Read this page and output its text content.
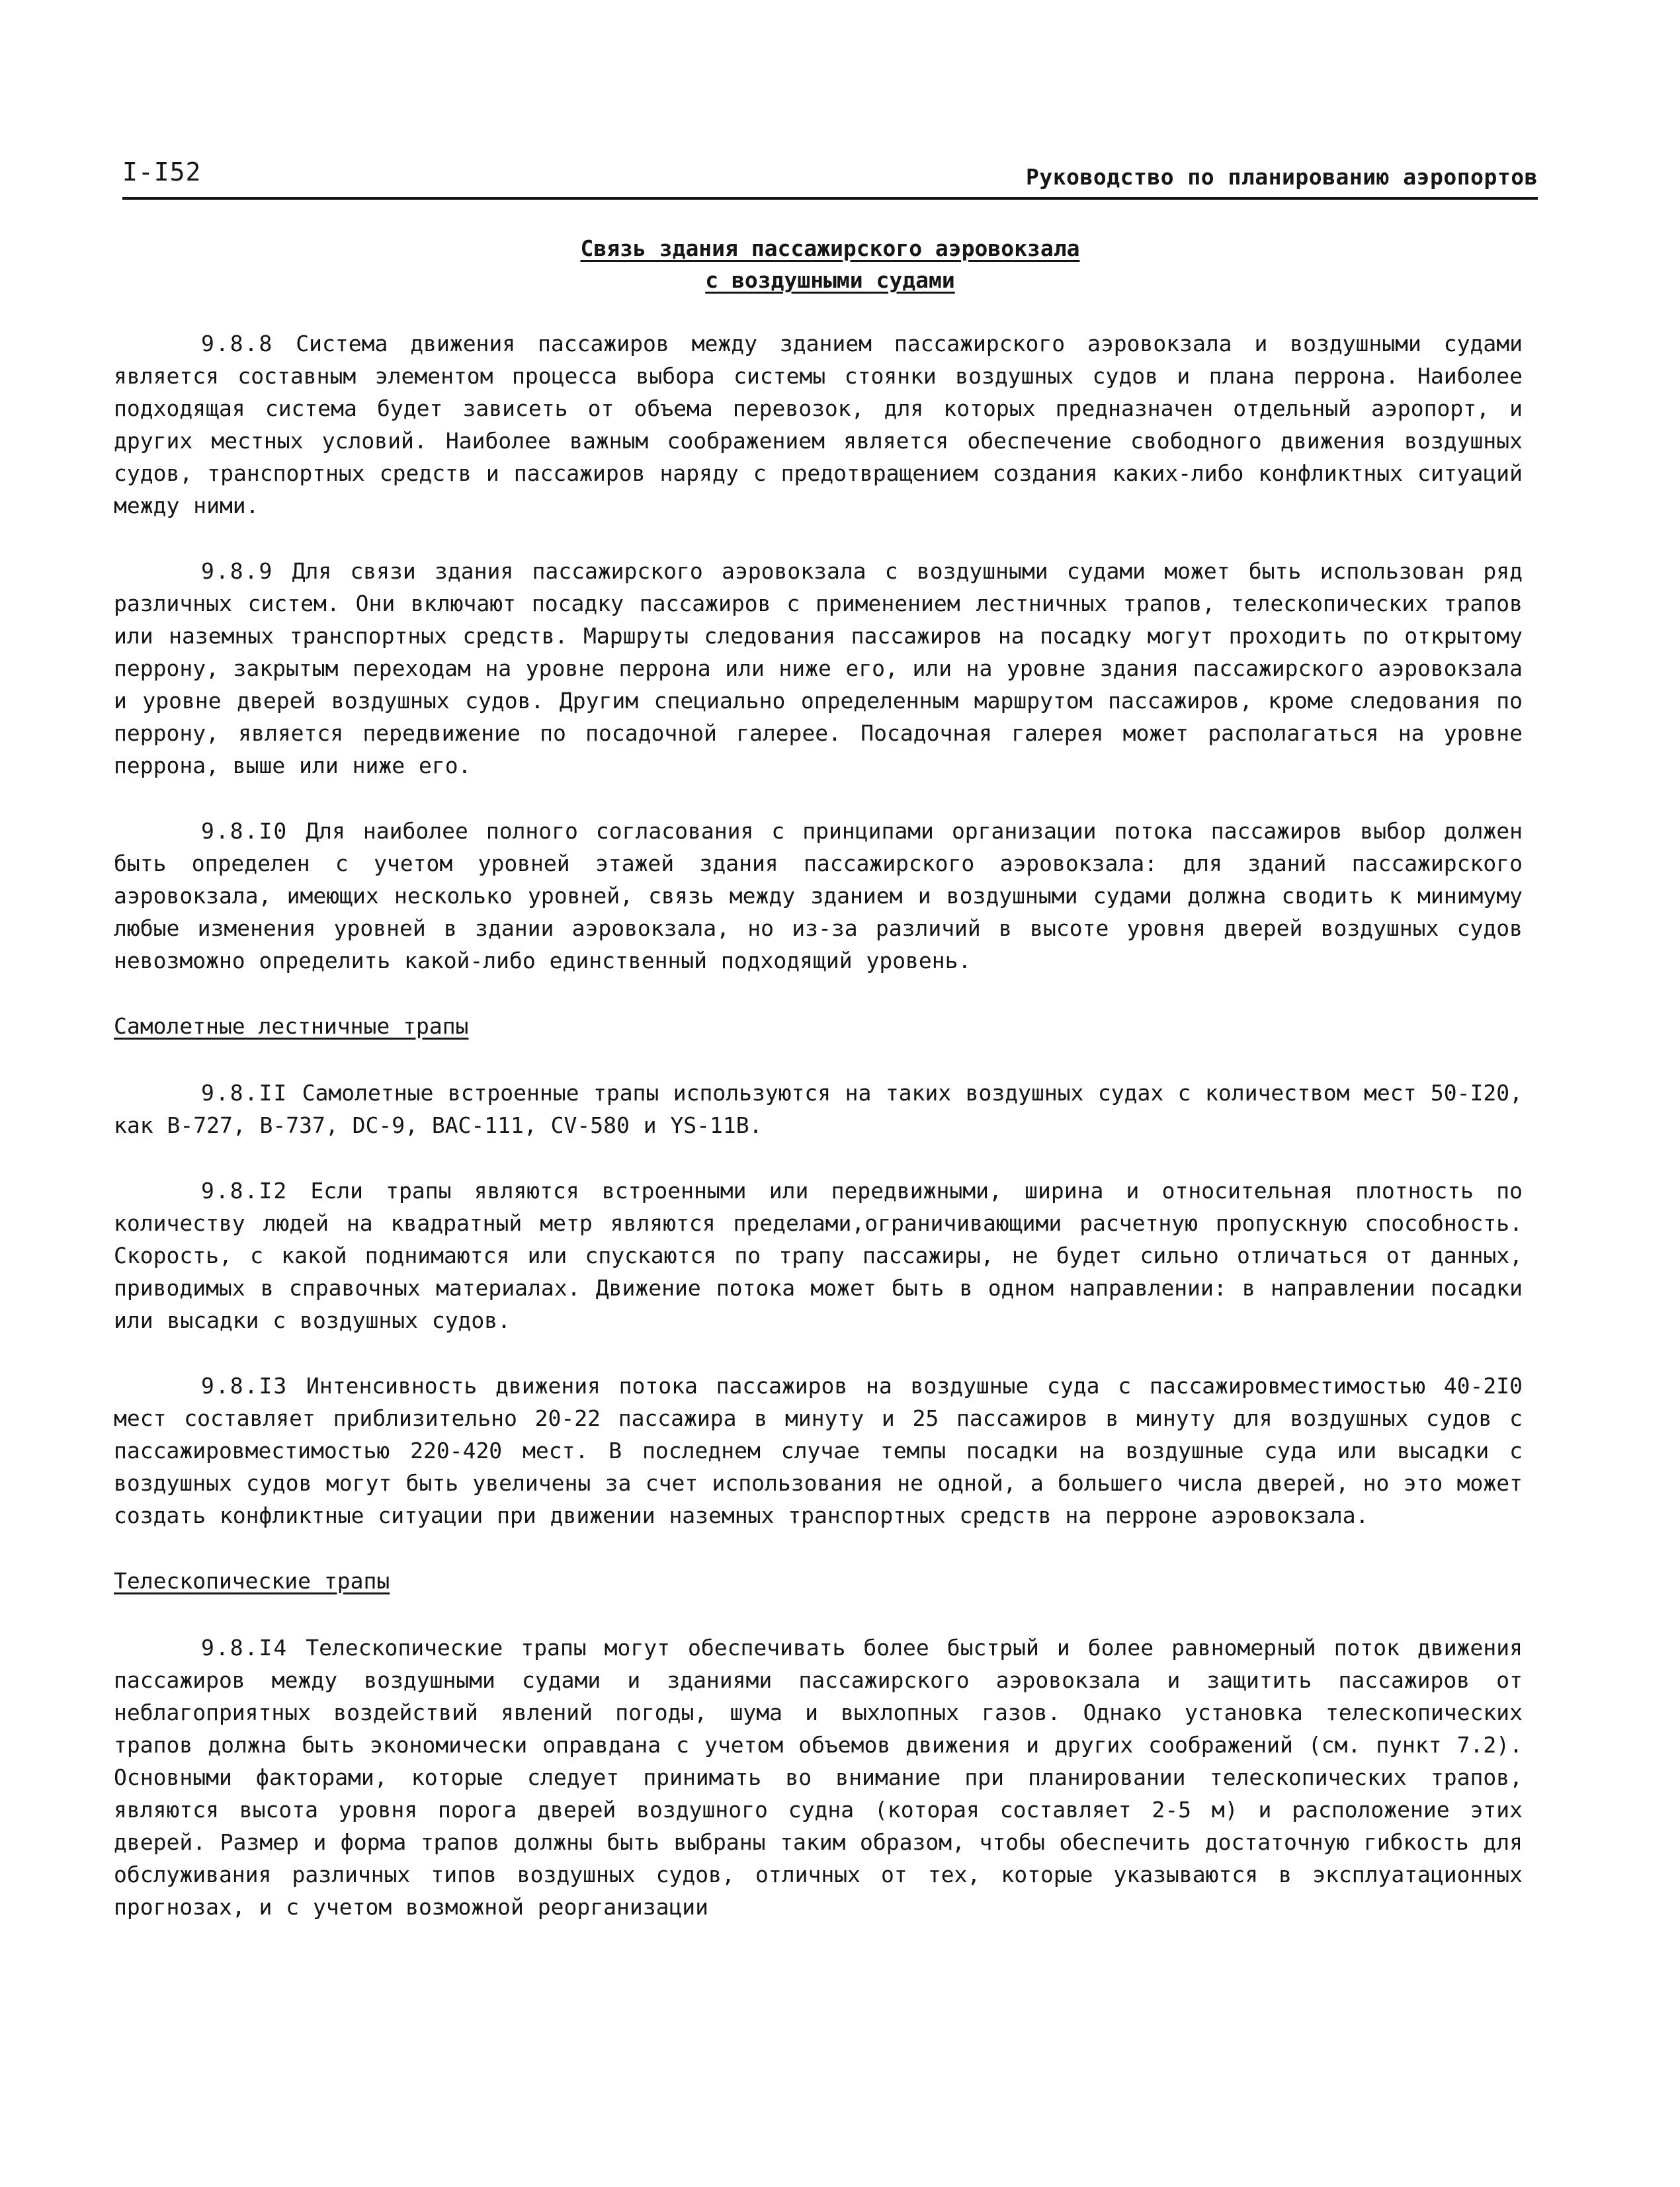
I-I52	Руководство по планированию аэропортов
Связь здания пассажирского аэровокзала
с воздушными судами

9.8.8 Система движения пассажиров между зданием пассажирского аэровокзала и воздушными судами является составным элементом процесса выбора системы стоянки воздушных судов и плана перрона. Наиболее подходящая система будет зависеть от объема перевозок, для которых предназначен отдельный аэропорт, и других местных условий. Наиболее важным соображением является обеспечение свободного движения воздушных судов, транспортных средств и пассажиров наряду с предотвращением создания каких-либо конфликтных ситуаций между ними.

9.8.9 Для связи здания пассажирского аэровокзала с воздушными судами может быть использован ряд различных систем. Они включают посадку пассажиров с применением лестничных трапов, телескопических трапов или наземных транспортных средств. Маршруты следования пассажиров на посадку могут проходить по открытому перрону, закрытым переходам на уровне перрона или ниже его, или на уровне здания пассажирского аэровокзала и уровне дверей воздушных судов. Другим специально определенным маршрутом пассажиров, кроме следования по перрону, является передвижение по посадочной галерее. Посадочная галерея может располагаться на уровне перрона, выше или ниже его.

9.8.I0 Для наиболее полного согласования с принципами организации потока пассажиров выбор должен быть определен с учетом уровней этажей здания пассажирского аэровокзала: для зданий пассажирского аэровокзала, имеющих несколько уровней, связь между зданием и воздушными судами должна сводить к минимуму любые изменения уровней в здании аэровокзала, но из-за различий в высоте уровня дверей воздушных судов невозможно определить какой-либо единственный подходящий уровень.

Самолетные лестничные трапы

9.8.II Самолетные встроенные трапы используются на таких воздушных судах с количеством мест 50-I20, как B-727, B-737, DC-9, BAC-111, CV-580 и YS-11B.

9.8.I2 Если трапы являются встроенными или передвижными, ширина и относительная плотность по количеству людей на квадратный метр являются пределами,ограничивающими расчетную пропускную способность. Скорость, с какой поднимаются или спускаются по трапу пассажиры, не будет сильно отличаться от данных, приводимых в справочных материалах. Движение потока может быть в одном направлении: в направлении посадки или высадки с воздушных судов.

9.8.I3 Интенсивность движения потока пассажиров на воздушные суда с пассажировместимостью 40-2I0 мест составляет приблизительно 20-22 пассажира в минуту и 25 пассажиров в минуту для воздушных судов с пассажировместимостью 220-420 мест. В последнем случае темпы посадки на воздушные суда или высадки с воздушных судов могут быть увеличены за счет использования не одной, а большего числа дверей, но это может создать конфликтные ситуации при движении наземных транспортных средств на перроне аэровокзала.

Телескопические трапы

9.8.I4 Телескопические трапы могут обеспечивать более быстрый и более равномерный поток движения пассажиров между воздушными судами и зданиями пассажирского аэровокзала и защитить пассажиров от неблагоприятных воздействий явлений погоды, шума и выхлопных газов. Однако установка телескопических трапов должна быть экономически оправдана с учетом объемов движения и других соображений (см. пункт 7.2). Основными факторами, которые следует принимать во внимание при планировании телескопических трапов, являются высота уровня порога дверей воздушного судна (которая составляет 2-5 м) и расположение этих дверей. Размер и форма трапов должны быть выбраны таким образом, чтобы обеспечить достаточную гибкость для обслуживания различных типов воздушных судов, отличных от тех, которые указываются в эксплуатационных прогнозах, и с учетом возможной реорганизации
